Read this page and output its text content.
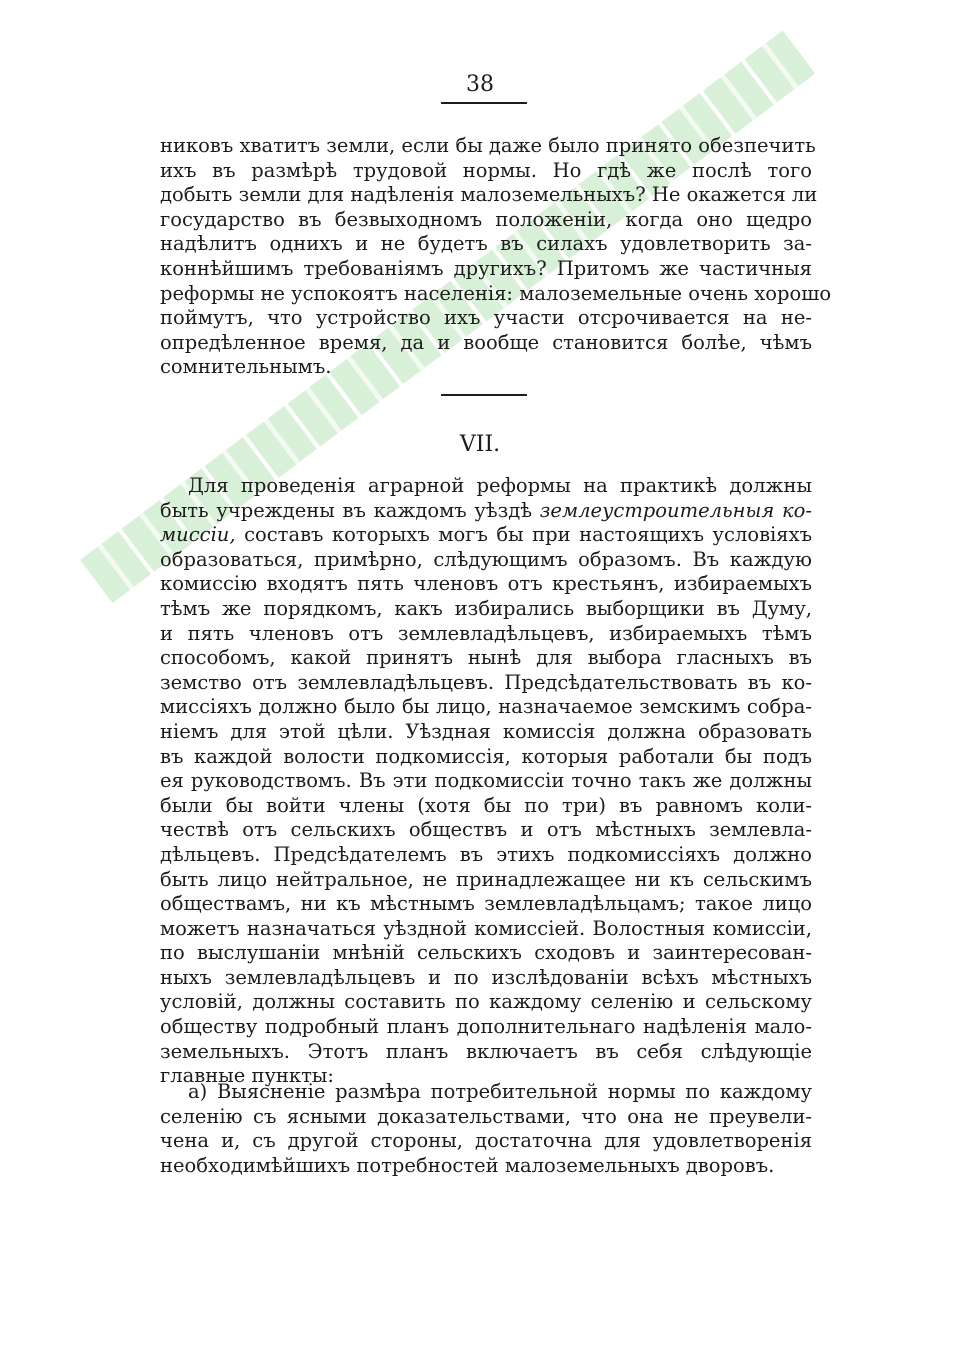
38
никовъ хватитъ земли, если бы даже было принято обезпечить
ихъ въ размѣрѣ трудовой нормы. Но гдѣ же послѣ того
добыть земли для надѣленія малоземельныхъ? Не окажется ли
государство въ безвыходномъ положеніи, когда оно щедро
надѣлитъ однихъ и не будетъ въ силахъ удовлетворить за-
коннѣйшимъ требованіямъ другихъ? Притомъ же частичныя
реформы не успокоятъ населенія: малоземельные очень хорошо
поймутъ, что устройство ихъ участи отсрочивается на не-
опредѣленное время, да и вообще становится болѣе, чѣмъ
сомнительнымъ.
VII.
Для проведенія аграрной реформы на практикѣ должны
быть учреждены въ каждомъ уѣздѣ землеустроительныя ко-
миссіи, составъ которыхъ могъ бы при настоящихъ условіяхъ
образоваться, примѣрно, слѣдующимъ образомъ. Въ каждую
комиссію входятъ пять членовъ отъ крестьянъ, избираемыхъ
тѣмъ же порядкомъ, какъ избирались выборщики въ Думу,
и пять членовъ отъ землевладѣльцевъ, избираемыхъ тѣмъ
способомъ, какой принятъ нынѣ для выбора гласныхъ въ
земство отъ землевладѣльцевъ. Предсѣдательствовать въ ко-
миссіяхъ должно было бы лицо, назначаемое земскимъ собра-
ніемъ для этой цѣли. Уѣздная комиссія должна образовать
въ каждой волости подкомиссія, которыя работали бы подъ
ея руководствомъ. Въ эти подкомиссіи точно такъ же должны
были бы войти члены (хотя бы по три) въ равномъ коли-
чествѣ отъ сельскихъ обществъ и отъ мѣстныхъ землевла-
дѣльцевъ. Предсѣдателемъ въ этихъ подкомиссіяхъ должно
быть лицо нейтральное, не принадлежащее ни къ сельскимъ
обществамъ, ни къ мѣстнымъ землевладѣльцамъ; такое лицо
можетъ назначаться уѣздной комиссіей. Волостныя комиссіи,
по выслушаніи мнѣній сельскихъ сходовъ и заинтересован-
ныхъ землевладѣльцевъ и по изслѣдованіи всѣхъ мѣстныхъ
условій, должны составить по каждому селенію и сельскому
обществу подробный планъ дополнительнаго надѣленія мало-
земельныхъ. Этотъ планъ включаетъ въ себя слѣдующіе
главные пункты:
а) Выясненіе размѣра потребительной нормы по каждому
селенію съ ясными доказательствами, что она не преувели-
чена и, съ другой стороны, достаточна для удовлетворенія
необходимѣйшихъ потребностей малоземельныхъ дворовъ.
